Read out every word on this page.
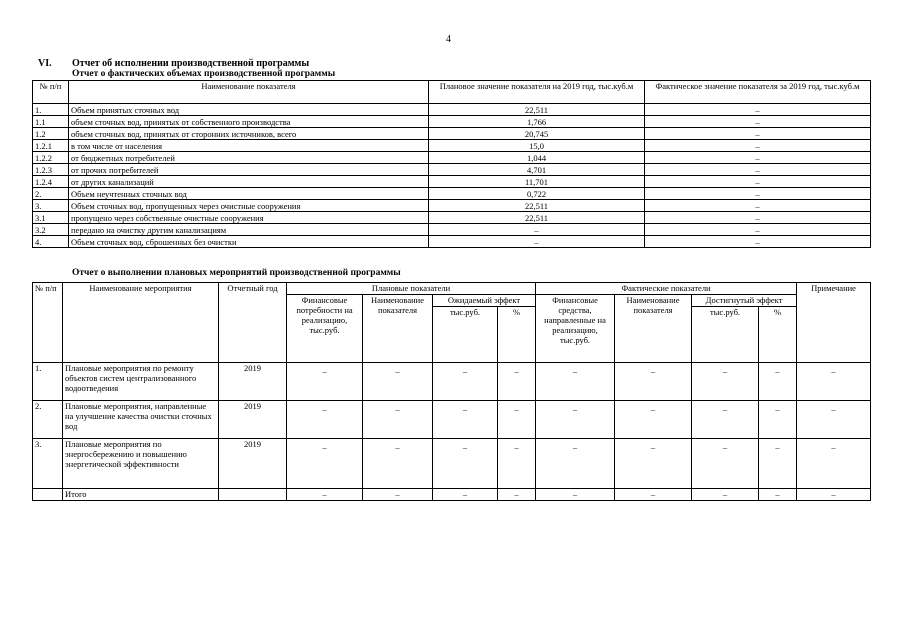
4
VI. Отчет об исполнении производственной программы
Отчет о фактических объемах производственной программы
№ п/п	Наименование показателя	Плановое значение показателя на 2019 год, тыс.куб.м	Фактическое значение показателя за 2019 год, тыс.куб.м
1.	Объем принятых сточных вод	22,511	–
1.1	объем сточных вод, принятых от собственного производства	1,766	–
1.2	объем сточных вод, принятых от сторонних источников, всего	20,745	–
1.2.1	в том числе от населения	15,0	–
1.2.2	от бюджетных потребителей	1,044	–
1.2.3	от прочих потребителей	4,701	–
1.2.4	от других канализаций	11,701	–
2.	Объем неучтенных сточных вод	0,722	–
3.	Объем сточных вод, пропущенных через очистные сооружения	22,511	–
3.1	пропущено через собственные очистные сооружения	22,511	–
3.2	передано на очистку другим канализациям	–	–
4.	Объем сточных вод, сброшенных без очистки	–	–
Отчет о выполнении плановых мероприятий производственной программы
№ п/п	Наименование мероприятия	Отчетный год	Плановые показатели				Фактические показатели				Примечание
			Финансовые потребности на реализацию, тыс.руб.	Наименование показателя	Ожидаемый эффект		Финансовые средства, направленные на реализацию, тыс.руб.	Наименование показателя	Достигнутый эффект		
					тыс.руб.	%			тыс.руб.	%	
1.	Плановые мероприятия по ремонту объектов систем централизованного водоотведения	2019	–	–	–	–	–	–	–	–	–
2.	Плановые мероприятия, направленные на улучшение качества очистки сточных вод	2019	–	–	–	–	–	–	–	–	–
3.	Плановые мероприятия по энергосбережению и повышению энергетической эффективности	2019	–	–	–	–	–	–	–	–	–
	Итого		–	–	–	–	–	–	–	–	–
